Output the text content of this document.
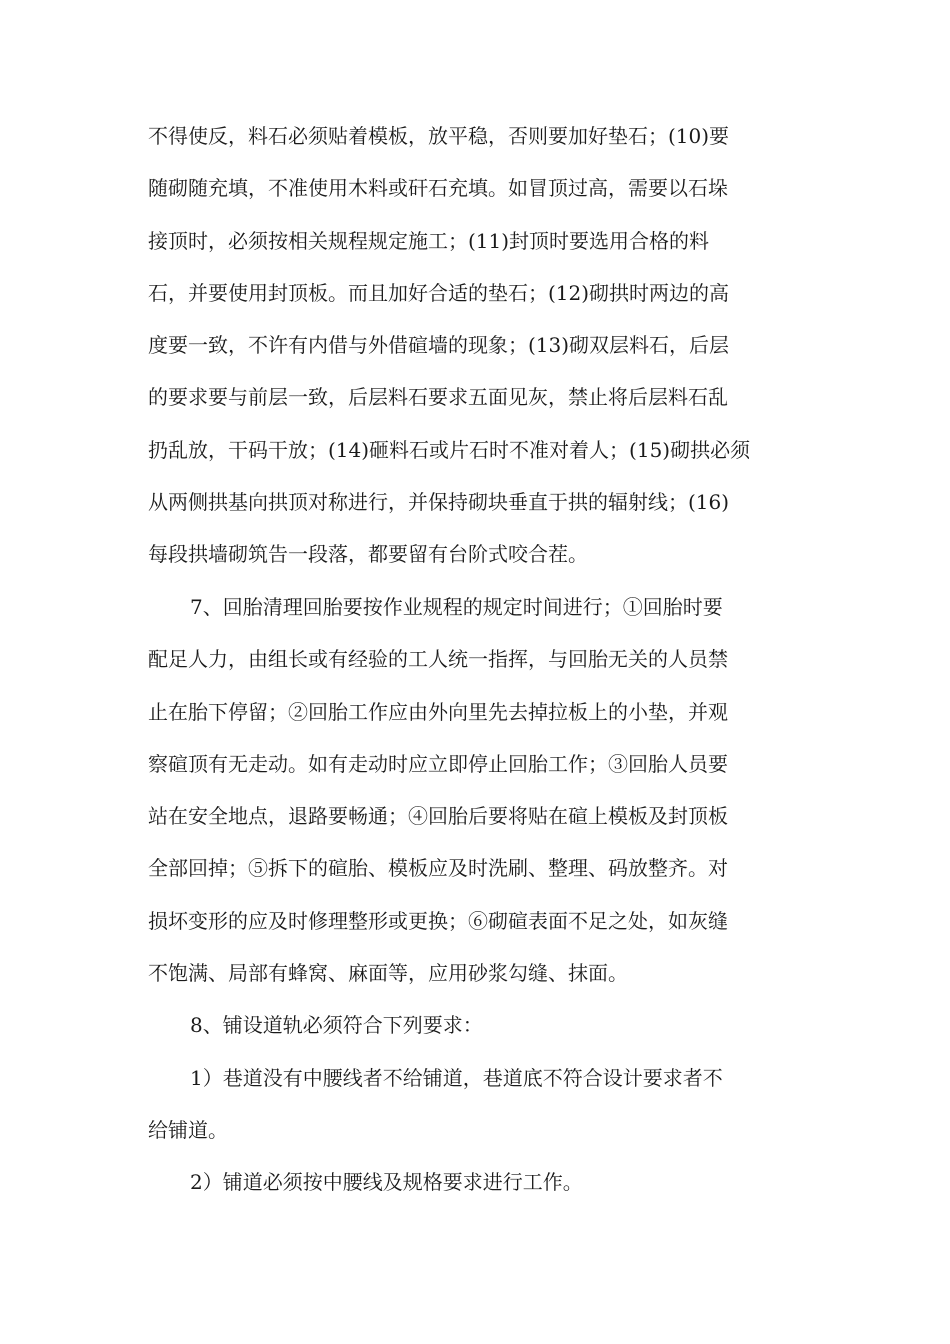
不得使反，料石必须贴着模板，放平稳，否则要加好垫石；(10)要
随砌随充填，不准使用木料或矸石充填。如冒顶过高，需要以石垛
接顶时，必须按相关规程规定施工；(11)封顶时要选用合格的料
石，并要使用封顶板。而且加好合适的垫石；(12)砌拱时两边的高
度要一致，不许有内借与外借碹墙的现象；(13)砌双层料石，后层
的要求要与前层一致，后层料石要求五面见灰，禁止将后层料石乱
扔乱放，干码干放；(14)砸料石或片石时不准对着人；(15)砌拱必须
从两侧拱基向拱顶对称进行，并保持砌块垂直于拱的辐射线；(16)
每段拱墙砌筑告一段落，都要留有台阶式咬合茬。
7、回胎清理回胎要按作业规程的规定时间进行；①回胎时要
配足人力，由组长或有经验的工人统一指挥，与回胎无关的人员禁
止在胎下停留；②回胎工作应由外向里先去掉拉板上的小垫，并观
察碹顶有无走动。如有走动时应立即停止回胎工作；③回胎人员要
站在安全地点，退路要畅通；④回胎后要将贴在碹上模板及封顶板
全部回掉；⑤拆下的碹胎、模板应及时洗刷、整理、码放整齐。对
损坏变形的应及时修理整形或更换；⑥砌碹表面不足之处，如灰缝
不饱满、局部有蜂窝、麻面等，应用砂浆勾缝、抹面。
8、铺设道轨必须符合下列要求：
1）巷道没有中腰线者不给铺道，巷道底不符合设计要求者不
给铺道。
2）铺道必须按中腰线及规格要求进行工作。
